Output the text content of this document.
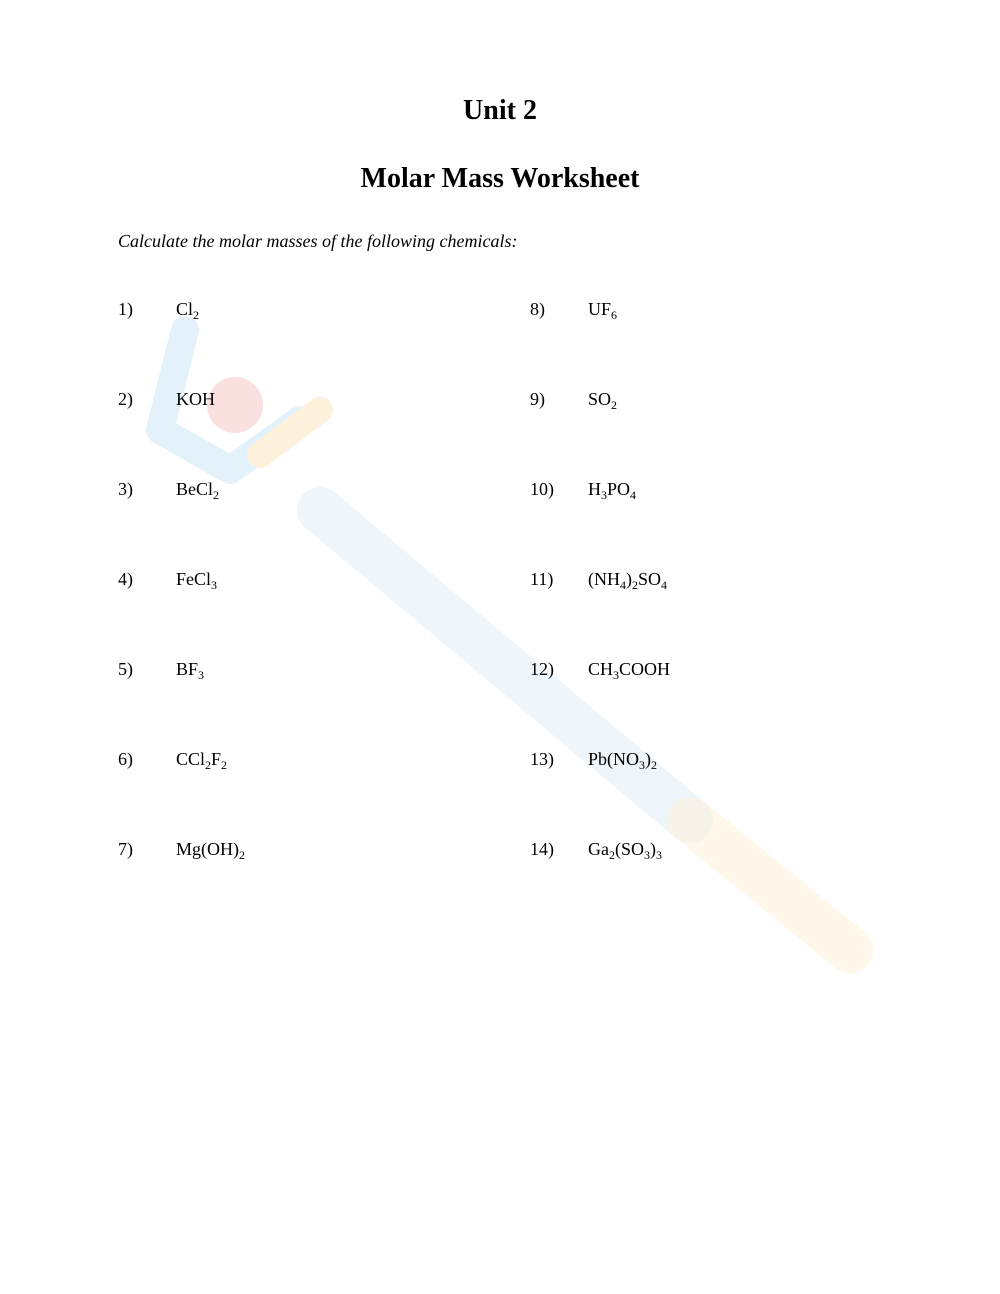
Unit 2
Molar Mass Worksheet
Calculate the molar masses of the following chemicals:
1) $Cl_2$
2) KOH
3) BeCl$_2$
4) FeCl$_3$
5) $BF_3$
6) $CCl_2F_2$
7) $Mg(OH)_2$
8) $UF_6$
9) $SO_2$
10) $H_3PO_4$
11) $(NH_4)_2SO_4$
12) $CH_3COOH$
13) $Pb(NO_3)_2$
14) $Ga_2(SO_3)_3$
